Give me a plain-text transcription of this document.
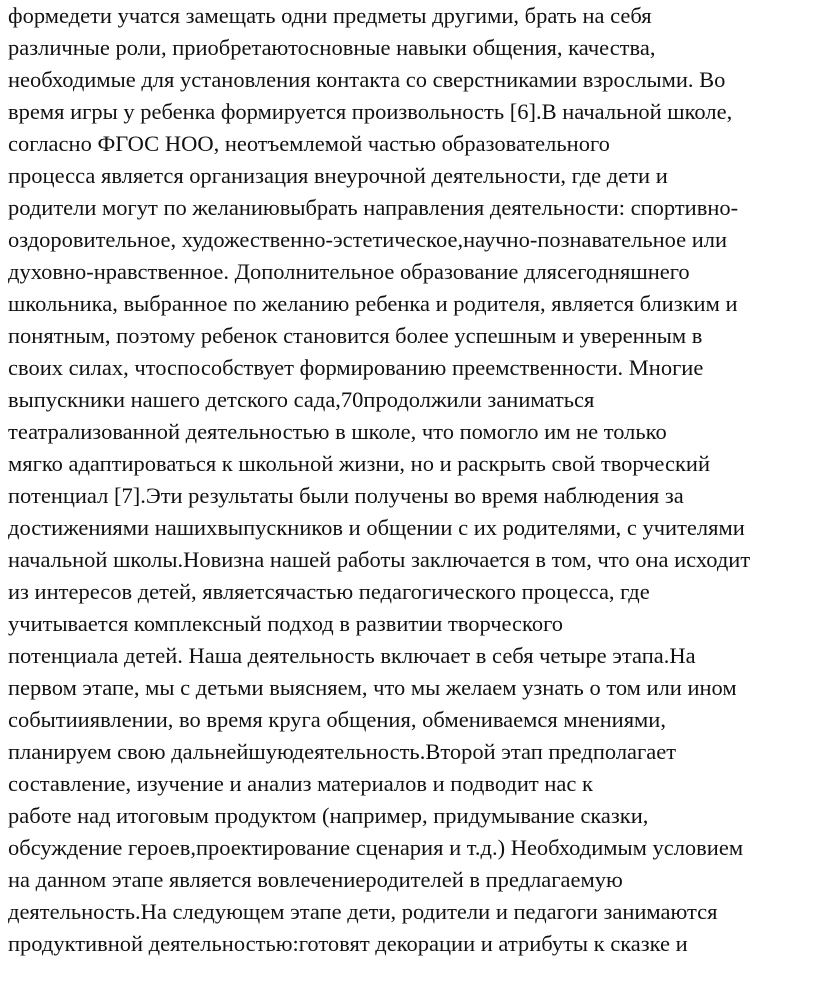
формедети учатся замещать одни предметы другими, брать на себя
различные роли, приобретаютосновные навыки общения, качества,
необходимые для установления контакта со сверстникамии взрослыми. Во
время игры у ребенка формируется произвольность [6].В начальной школе,
согласно ФГОС НОО, неотъемлемой частью образовательного
процесса является организация внеурочной деятельности, где дети и
родители могут по желаниювыбрать направления деятельности: спортивно-
оздоровительное, художественно-эстетическое,научно-познавательное или
духовно-нравственное. Дополнительное образование длясегодняшнего
школьника, выбранное по желанию ребенка и родителя, является близким и
понятным, поэтому ребенок становится более успешным и уверенным в
своих силах, чтоспособствует формированию преемственности. Многие
выпускники нашего детского сада,70продолжили заниматься
театрализованной деятельностью в школе, что помогло им не только
мягко адаптироваться к школьной жизни, но и раскрыть свой творческий
потенциал [7].Эти результаты были получены во время наблюдения за
достижениями нашихвыпускников и общении с их родителями, с учителями
начальной школы.Новизна нашей работы заключается в том, что она исходит
из интересов детей, являетсячастью педагогического процесса, где
учитывается комплексный подход в развитии творческого
потенциала детей. Наша деятельность включает в себя четыре этапа.На
первом этапе, мы с детьми выясняем, что мы желаем узнать о том или ином
событииявлении, во время круга общения, обмениваемся мнениями,
планируем свою дальнейшуюдеятельность.Второй этап предполагает
составление, изучение и анализ материалов и подводит нас к
работе над итоговым продуктом (например, придумывание сказки,
обсуждение героев,проектирование сценария и т.д.) Необходимым условием
на данном этапе является вовлечениеродителей в предлагаемую
деятельность.На следующем этапе дети, родители и педагоги занимаются
продуктивной деятельностью:готовят декорации и атрибуты к сказке и
